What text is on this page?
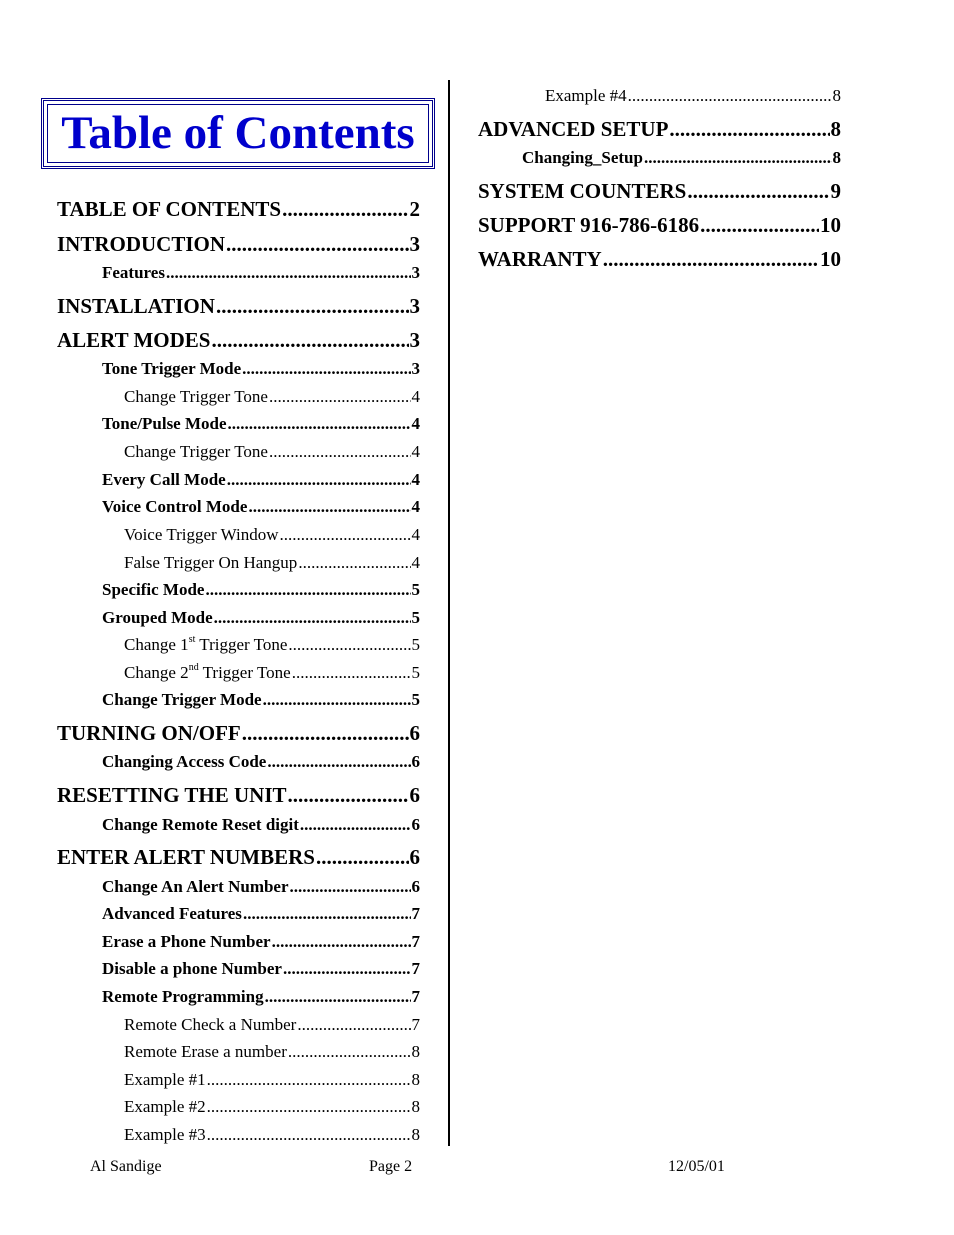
Table of Contents
TABLE OF CONTENTS .....	2
INTRODUCTION .....	3
Features .....	3
INSTALLATION .....	3
ALERT MODES .....	3
Tone Trigger Mode .....	3
Change Trigger Tone .....	4
Tone/Pulse Mode .....	4
Change Trigger Tone .....	4
Every Call Mode .....	4
Voice Control Mode .....	4
Voice Trigger Window .....	4
False Trigger On Hangup .....	4
Specific Mode .....	5
Grouped Mode .....	5
Change 1st Trigger Tone .....	5
Change 2nd Trigger Tone .....	5
Change Trigger Mode .....	5
TURNING ON/OFF .....	6
Changing Access Code .....	6
RESETTING THE UNIT .....	6
Change Remote Reset digit .....	6
ENTER ALERT NUMBERS .....	6
Change An Alert Number .....	6
Advanced Features .....	7
Erase a Phone Number .....	7
Disable a phone Number .....	7
Remote Programming .....	7
Remote Check a Number .....	7
Remote Erase a number .....	8
Example #1 .....	8
Example #2 .....	8
Example #3 .....	8
Example #4 .....	8
ADVANCED SETUP .....	8
Changing_Setup .....	8
SYSTEM COUNTERS .....	9
SUPPORT 916-786-6186 .....	10
WARRANTY .....	10
Al Sandige	Page 2	12/05/01
